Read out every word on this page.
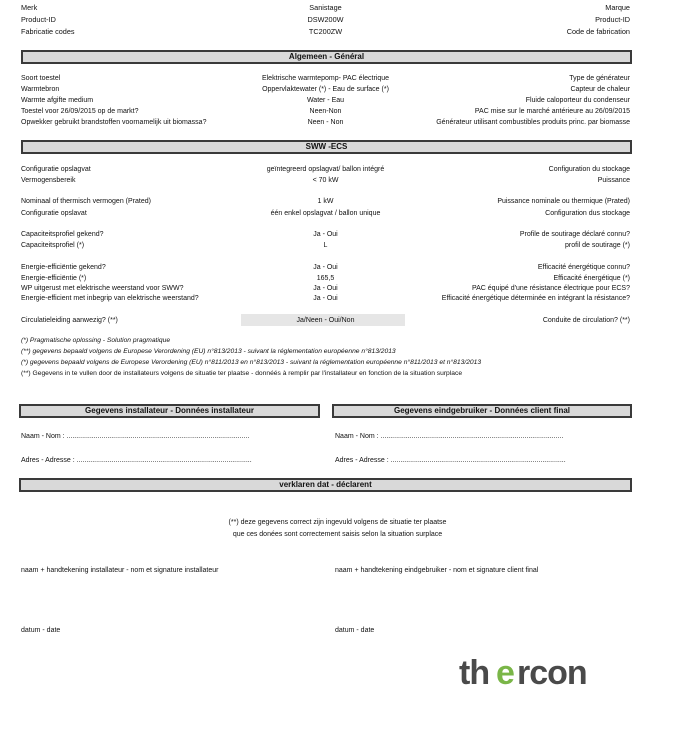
Merk	Sanistage	Marque
Product-ID	DSW200W	Product-ID
Fabricatie codes	TC200ZW	Code de fabrication
Algemeen - Général
Soort toestel	Elektrische warmtepomp- PAC électrique	Type de générateur
Warmtebron	Oppervlaktewater (*) - Eau de surface (*)	Capteur de chaleur
Warmte afgifte medium	Water - Eau	Fluide caloporteur du condenseur
Toestel voor 26/09/2015 op de markt?	Neen-Non	PAC mise sur le marché antérieure au 26/09/2015
Opwekker gebruikt brandstoffen voornamelijk uit biomassa?	Neen - Non	Générateur utilisant combustibles produits princ. par biomasse
SWW -ECS
Configuratie opslagvat	geïntegreerd opslagvat/ ballon intégré	Configuration du stockage
Vermogensbereik	< 70 kW	Puissance
Nominaal of thermisch vermogen (Prated)	1 kW	Puissance nominale ou thermique (Prated)
Configuratie opslavat	één enkel opslagvat / ballon unique	Configuration dus stockage
Capaciteitsprofiel gekend?	Ja - Oui	Profile de soutirage déclaré connu?
Capaciteitsprofiel (*)	L	profil de soutirage (*)
Energie-efficiëntie gekend?	Ja - Oui	Efficacité énergétique connu?
Energie-efficiëntie (*)	165,5	Efficacité énergétique (*)
WP uitgerust met elektrische weerstand voor SWW?	Ja - Oui	PAC équipé d'une résistance électrique pour ECS?
Energie-efficient met inbegrip van elektrische weerstand?	Ja - Oui	Efficacité énergétique déterminée en intégrant la résistance?
Circulatieleiding aanwezig? (**)	Ja/Neen - Oui/Non	Conduite de circulation? (**)
(*) Pragmatische oplossing - Solution pragmatique
(**) gegevens bepaald volgens de Europese Verordening (EU) n°813/2013 - suivant la réglementation européenne n°813/2013
(*) gegevens bepaald volgens de Europese Verordening (EU) n°811/2013 en n°813/2013 - suivant la réglementation européenne n°811/2013 et n°813/2013
(**) Gegevens in te vullen door de installateurs volgens de situatie ter plaatse - donnéés à remplir par l'installateur en fonction de la situation surplace
Gegevens installateur - Données installateur	Gegevens eindgebruiker - Données client final
Naam - Nom : ..............................................................................................	Naam - Nom : ..............................................................................................
Adres - Adresse : ..........................................................................................	Adres - Adresse : ..........................................................................................
verklaren dat - déclarent
(**) deze gegevens correct zijn ingevuld volgens de situatie ter plaatse
que ces donées sont correctement saisis selon la situation surplace
naam + handtekening installateur - nom et signature installateur	naam + handtekening eindgebruiker - nom et signature client final
datum - date	datum - date
th e rcon
